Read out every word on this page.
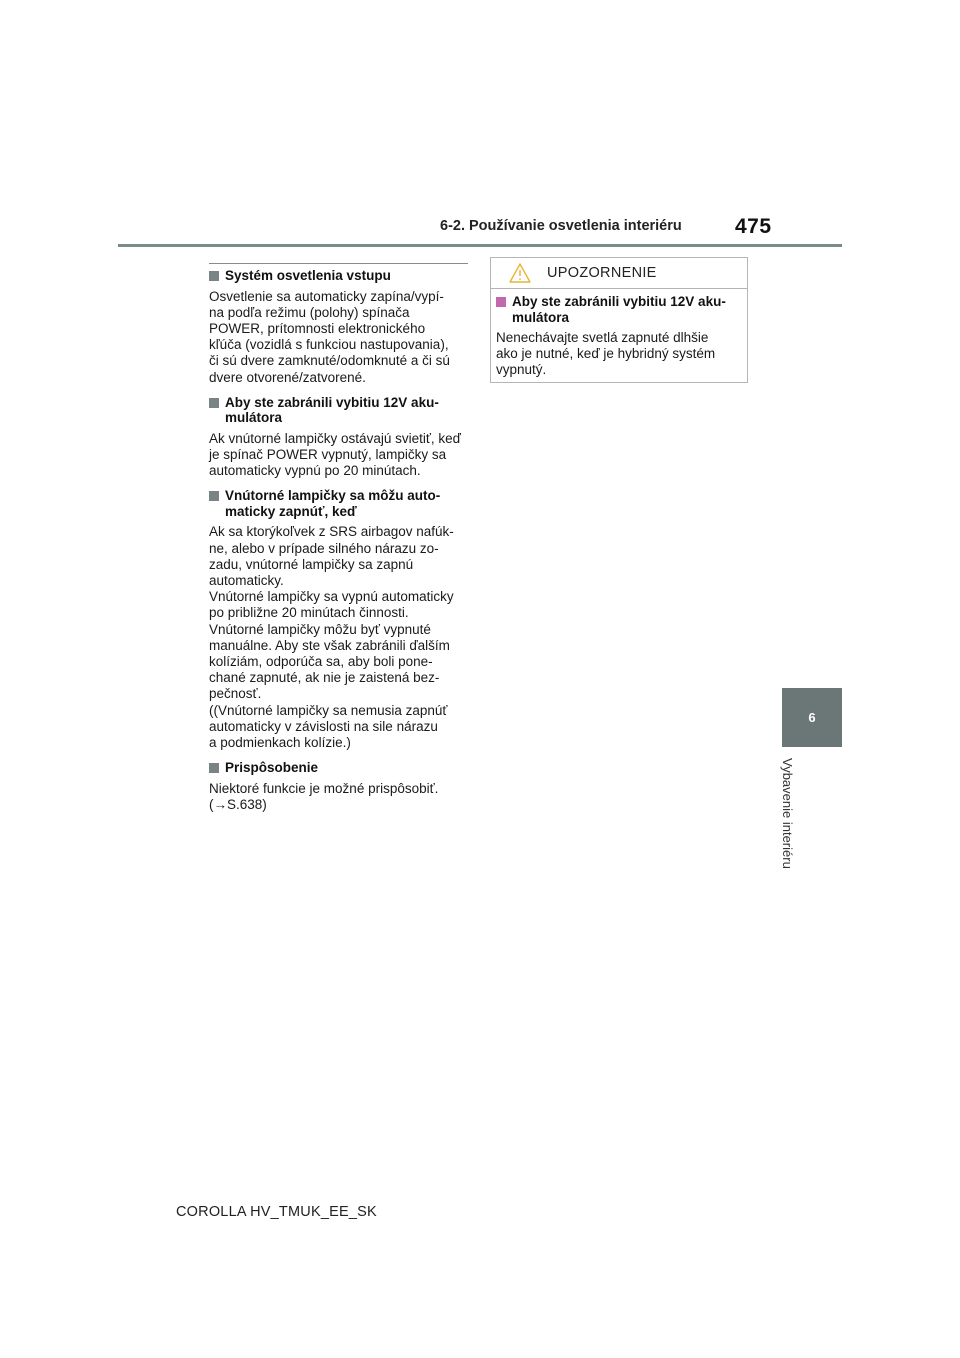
6-2. Používanie osvetlenia interiéru	475
6
Vybavenie interiéru
Systém osvetlenia vstupu
Osvetlenie sa automaticky zapína/vypí-
na podľa režimu (polohy) spínača
POWER, prítomnosti elektronického
kľúča (vozidlá s funkciou nastupovania),
či sú dvere zamknuté/odomknuté a či sú
dvere otvorené/zatvorené.
Aby ste zabránili vybitiu 12V aku-
mulátora
Ak vnútorné lampičky ostávajú svietiť, keď
je spínač POWER vypnutý, lampičky sa
automaticky vypnú po 20 minútach.
Vnútorné lampičky sa môžu auto-
maticky zapnúť, keď
Ak sa ktorýkoľvek z SRS airbagov nafúk-
ne, alebo v prípade silného nárazu zo-
zadu, vnútorné lampičky sa zapnú
automaticky.
Vnútorné lampičky sa vypnú automaticky
po približne 20 minútach činnosti.
Vnútorné lampičky môžu byť vypnuté
manuálne. Aby ste však zabránili ďalším
kolíziám, odporúča sa, aby boli pone-
chané zapnuté, ak nie je zaistená bez-
pečnosť.
((Vnútorné lampičky sa nemusia zapnúť
automaticky v závislosti na sile nárazu
a podmienkach kolízie.)
Prispôsobenie
Niektoré funkcie je možné prispôsobiť.
(→S.638)
UPOZORNENIE
Aby ste zabránili vybitiu 12V aku-
mulátora
Nenechávajte svetlá zapnuté dlhšie
ako je nutné, keď je hybridný systém
vypnutý.
COROLLA HV_TMUK_EE_SK
